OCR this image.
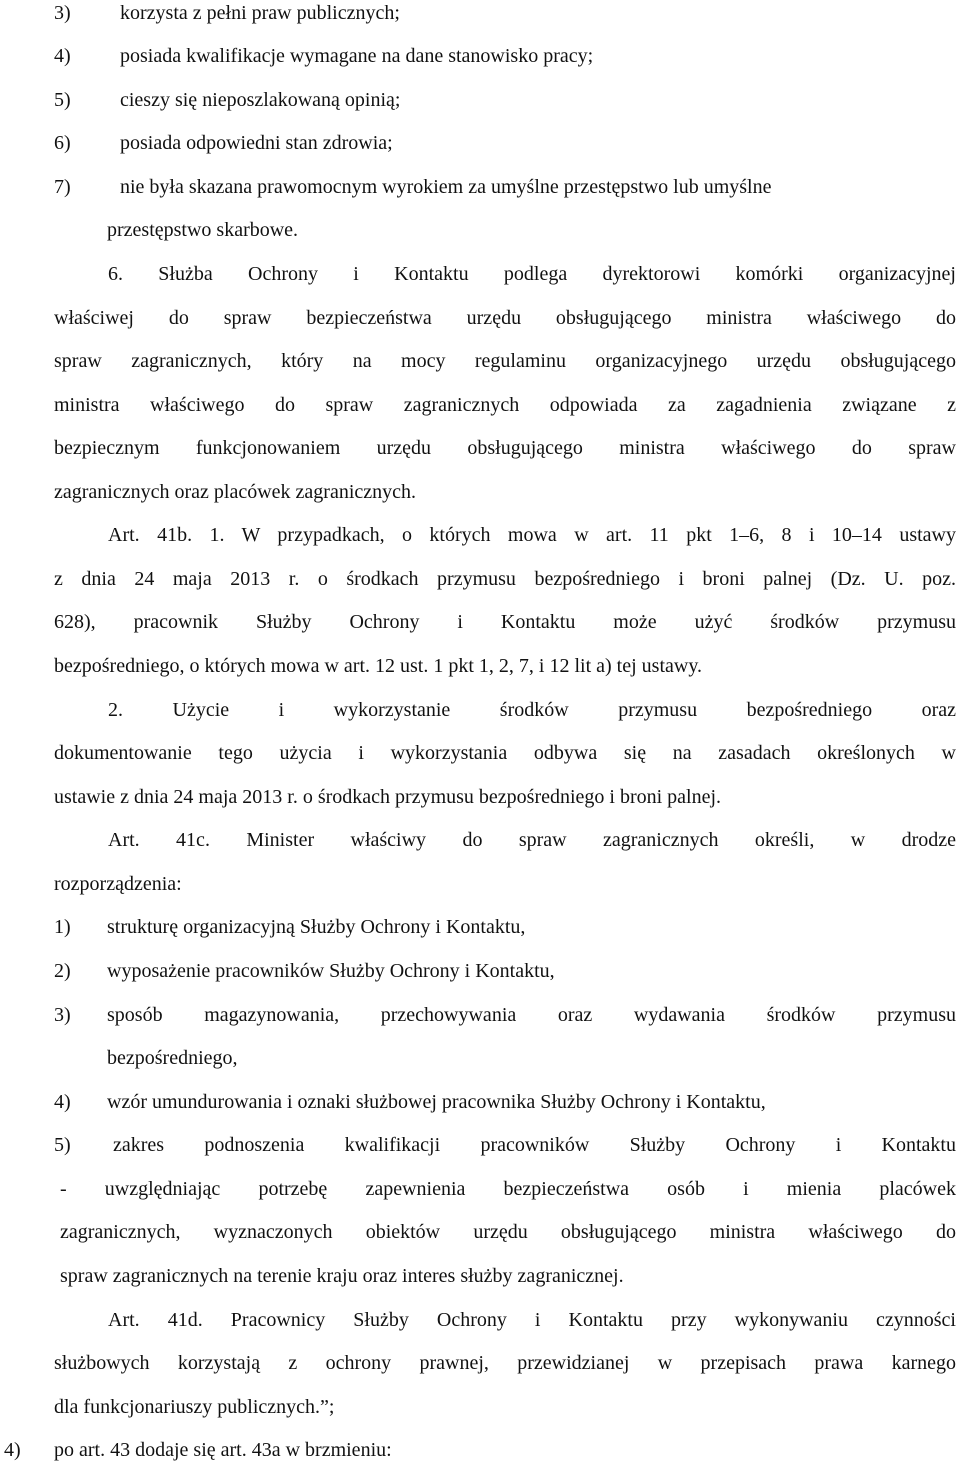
3) korzysta z pełni praw publicznych;
4) posiada kwalifikacje wymagane na dane stanowisko pracy;
5) cieszy się nieposzlakowaną opinią;
6) posiada odpowiedni stan zdrowia;
7) nie była skazana prawomocnym wyrokiem za umyślne przestępstwo lub umyślne
przestępstwo skarbowe.
6. Służba Ochrony i Kontaktu podlega dyrektorowi komórki organizacyjnej
właściwej do spraw bezpieczeństwa urzędu obsługującego ministra właściwego do
spraw zagranicznych, który na mocy regulaminu organizacyjnego urzędu obsługującego
ministra właściwego do spraw zagranicznych odpowiada za zagadnienia związane z
bezpiecznym funkcjonowaniem urzędu obsługującego ministra właściwego do spraw
zagranicznych oraz placówek zagranicznych.
Art. 41b. 1. W przypadkach, o których mowa w art. 11 pkt 1–6, 8 i 10–14 ustawy
z dnia 24 maja 2013 r. o środkach przymusu bezpośredniego i broni palnej (Dz. U. poz.
628), pracownik Służby Ochrony i Kontaktu może użyć środków przymusu
bezpośredniego, o których mowa w art. 12 ust. 1 pkt 1, 2, 7, i 12 lit a) tej ustawy.
2. Użycie i wykorzystanie środków przymusu bezpośredniego oraz
dokumentowanie tego użycia i wykorzystania odbywa się na zasadach określonych w
ustawie z dnia 24 maja 2013 r. o środkach przymusu bezpośredniego i broni palnej.
Art. 41c. Minister właściwy do spraw zagranicznych określi, w drodze
rozporządzenia:
1) strukturę organizacyjną Służby Ochrony i Kontaktu,
2) wyposażenie pracowników Służby Ochrony i Kontaktu,
3) sposób magazynowania, przechowywania oraz wydawania środków przymusu
bezpośredniego,
4) wzór umundurowania i oznaki służbowej pracownika Służby Ochrony i Kontaktu,
5) zakres podnoszenia kwalifikacji pracowników Służby Ochrony i Kontaktu
- uwzględniając potrzebę zapewnienia bezpieczeństwa osób i mienia placówek
zagranicznych, wyznaczonych obiektów urzędu obsługującego ministra właściwego do
spraw zagranicznych na terenie kraju oraz interes służby zagranicznej.
Art. 41d. Pracownicy Służby Ochrony i Kontaktu przy wykonywaniu czynności
służbowych korzystają z ochrony prawnej, przewidzianej w przepisach prawa karnego
dla funkcjonariuszy publicznych.”;
4) po art. 43 dodaje się art. 43a w brzmieniu:
